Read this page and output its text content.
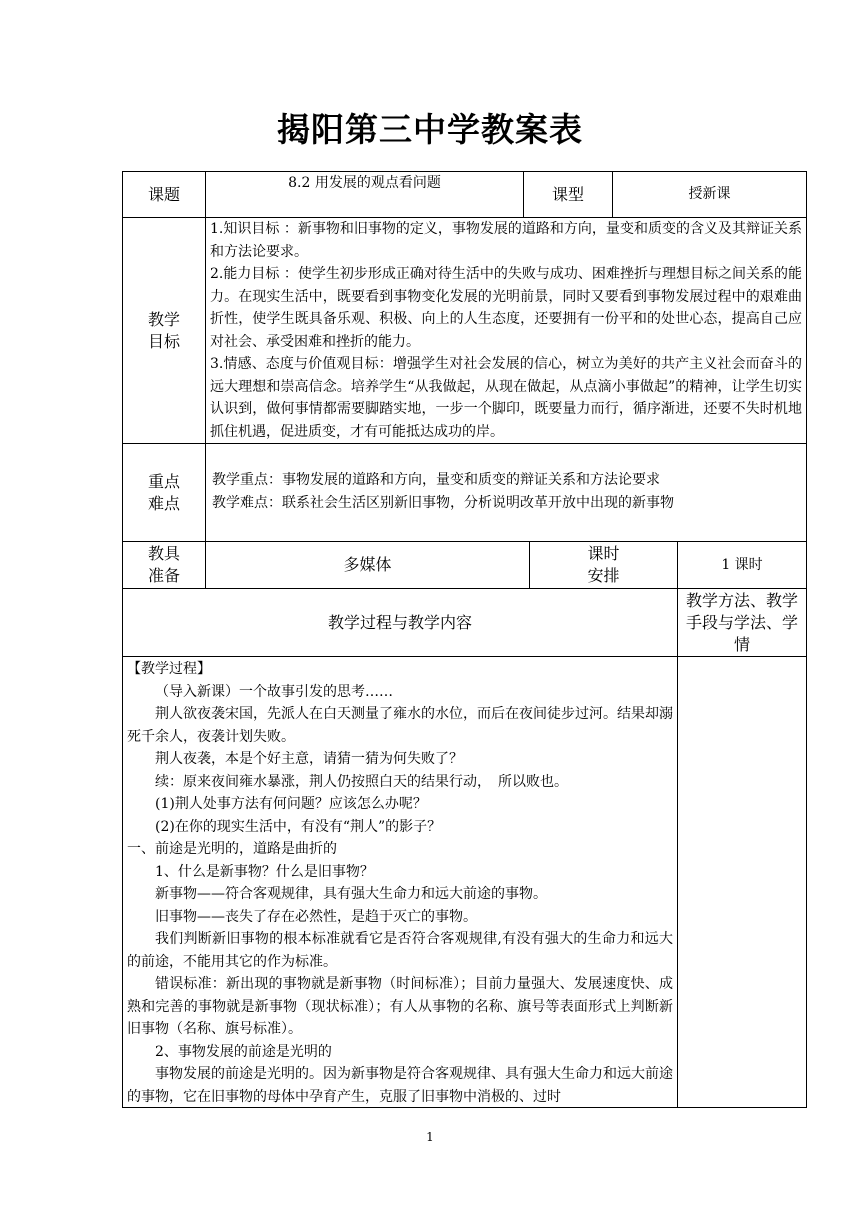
揭阳第三中学教案表
课题
8.2 用发展的观点看问题
课型	授新课
教学目标

1.知识目标 ：新事物和旧事物的定义，事物发展的道路和方向，量变和质变的含义及其辩证关系和方法论要求。

2.能力目标 ：使学生初步形成正确对待生活中的失败与成功、困难挫折与理想目标之间关系的能力。在现实生活中，既要看到事物变化发展的光明前景，同时又要看到事物发展过程中的艰难曲折性，使学生既具备乐观、积极、向上的人生态度，还要拥有一份平和的处世心态，提高自己应对社会、承受困难和挫折的能力。

3.情感、态度与价值观目标：增强学生对社会发展的信心，树立为美好的共产主义社会而奋斗的远大理想和崇高信念。培养学生“从我做起，从现在做起，从点滴小事做起”的精神，让学生切实认识到，做何事情都需要脚踏实地，一步一个脚印，既要量力而行，循序渐进，还要不失时机地抓住机遇，促进质变，才有可能抵达成功的岸。

重点难点

教学重点：事物发展的道路和方向，量变和质变的辩证关系和方法论要求

教学难点：联系社会生活区别新旧事物，分析说明改革开放中出现的新事物

教具准备
多媒体
课时安排
1 课时
教学过程与教学内容
教学方法、教学手段与学法、学情

【教学过程】

（导入新课）一个故事引发的思考……

荆人欲夜袭宋国，先派人在白天测量了雍水的水位，而后在夜间徒步过河。结果却溺死千余人，夜袭计划失败。

荆人夜袭，本是个好主意，请猜一猜为何失败了？

续：原来夜间雍水暴涨，荆人仍按照白天的结果行动，　所以败也。

(1)荆人处事方法有何问题？应该怎么办呢？

(2)在你的现实生活中，有没有“荆人”的影子？

一、前途是光明的，道路是曲折的

1、什么是新事物？什么是旧事物？

新事物——符合客观规律，具有强大生命力和远大前途的事物。

旧事物——丧失了存在必然性，是趋于灭亡的事物。

我们判断新旧事物的根本标准就看它是否符合客观规律,有没有强大的生命力和远大的前途，不能用其它的作为标准。

错误标准：新出现的事物就是新事物（时间标准）；目前力量强大、发展速度快、成熟和完善的事物就是新事物（现状标准）；有人从事物的名称、旗号等表面形式上判断新旧事物（名称、旗号标准）。

2、事物发展的前途是光明的

事物发展的前途是光明的。因为新事物是符合客观规律、具有强大生命力和远大前途的事物，它在旧事物的母体中孕育产生，克服了旧事物中消极的、过时

1
